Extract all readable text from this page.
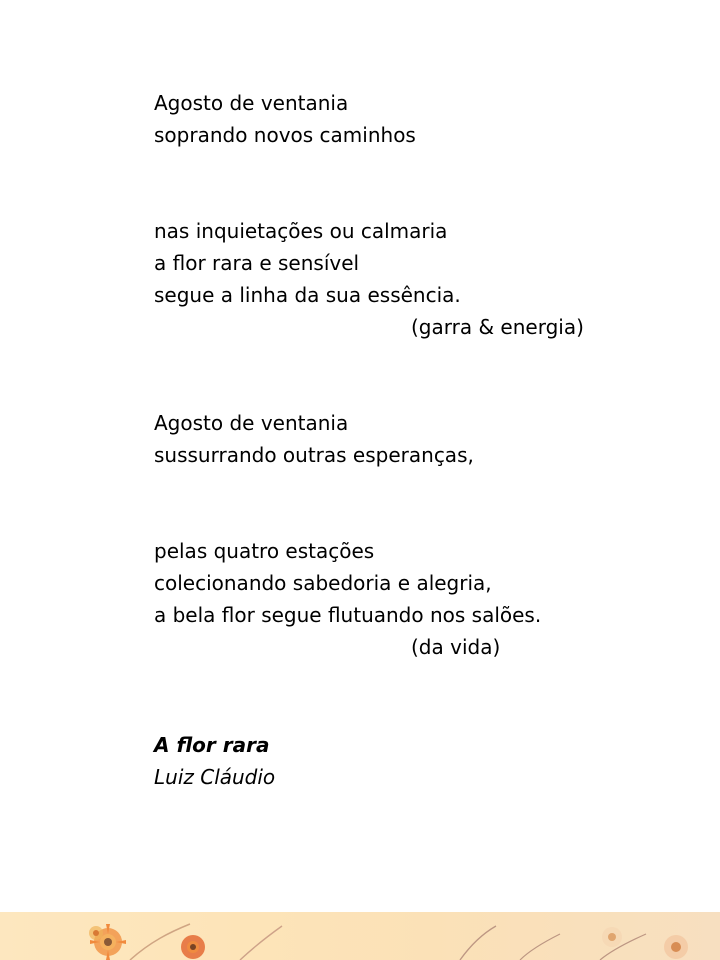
Agosto de ventania
soprando novos caminhos
nas inquietações ou calmaria
a flor rara e sensível
segue a linha da sua essência.
(garra & energia)
Agosto de ventania
sussurrando outras esperanças,
pelas quatro estações
colecionando sabedoria e alegria,
a bela flor segue flutuando nos salões.
(da vida)
A flor rara
Luiz Cláudio
